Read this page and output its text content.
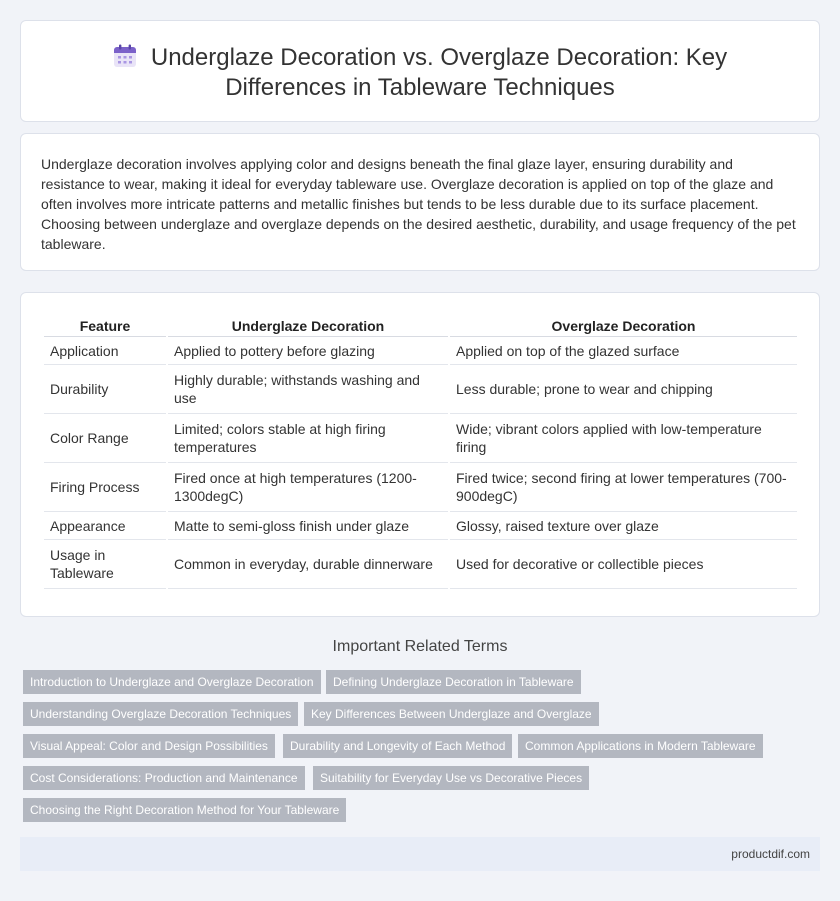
Underglaze Decoration vs. Overglaze Decoration: Key Differences in Tableware Techniques

Underglaze decoration involves applying color and designs beneath the final glaze layer, ensuring durability and resistance to wear, making it ideal for everyday tableware use. Overglaze decoration is applied on top of the glaze and often involves more intricate patterns and metallic finishes but tends to be less durable due to its surface placement. Choosing between underglaze and overglaze depends on the desired aesthetic, durability, and usage frequency of the pet tableware.

Feature	Underglaze Decoration	Overglaze Decoration
Application	Applied to pottery before glazing	Applied on top of the glazed surface
Durability	Highly durable; withstands washing and use	Less durable; prone to wear and chipping
Color Range	Limited; colors stable at high firing temperatures	Wide; vibrant colors applied with low-temperature firing
Firing Process	Fired once at high temperatures (1200-1300degC)	Fired twice; second firing at lower temperatures (700-900degC)
Appearance	Matte to semi-gloss finish under glaze	Glossy, raised texture over glaze
Usage in Tableware	Common in everyday, durable dinnerware	Used for decorative or collectible pieces
Important Related Terms
Introduction to Underglaze and Overglaze Decoration	Defining Underglaze Decoration in Tableware
Understanding Overglaze Decoration Techniques	Key Differences Between Underglaze and Overglaze
Visual Appeal: Color and Design Possibilities	Durability and Longevity of Each Method	Common Applications in Modern Tableware
Cost Considerations: Production and Maintenance	Suitability for Everyday Use vs Decorative Pieces
Choosing the Right Decoration Method for Your Tableware
productdif.com
